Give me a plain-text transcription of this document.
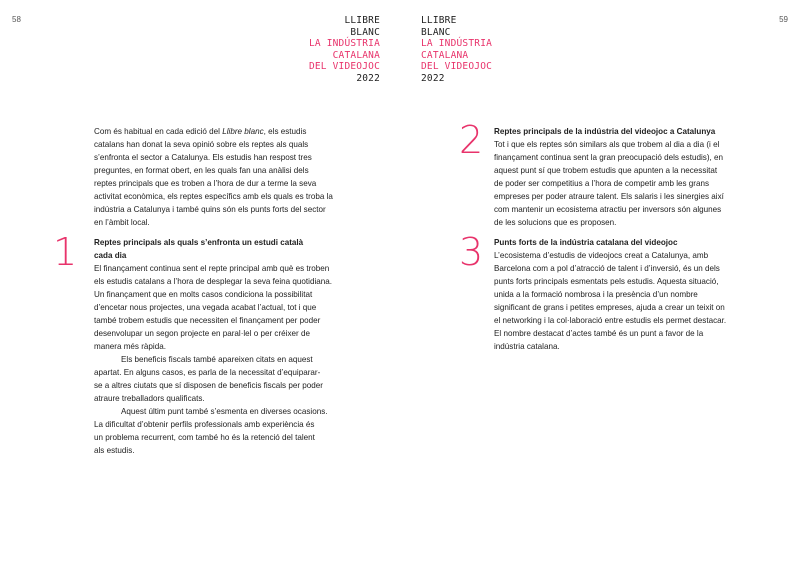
58	59
LLIBRE
BLANC
LA INDÚSTRIA
CATALANA
DEL VIDEOJOC
2022
LLIBRE
BLANC
LA INDÚSTRIA
CATALANA
DEL VIDEOJOC
2022

Com és habitual en cada edició del Llibre blanc, els estudis

catalans han donat la seva opinió sobre els reptes als quals

s’enfronta el sector a Catalunya. Els estudis han respost tres

preguntes, en format obert, en les quals fan una anàlisi dels

reptes principals que es troben a l’hora de dur a terme la seva

activitat econòmica, els reptes específics amb els quals es troba la

indústria a Catalunya i també quins són els punts forts del sector

en l’àmbit local.

1 Reptes principals als quals s’enfronta un estudi català
cada dia

El finançament continua sent el repte principal amb què es troben

els estudis catalans a l’hora de desplegar la seva feina quotidiana.

Un finançament que en molts casos condiciona la possibilitat

d’encetar nous projectes, una vegada acabat l’actual, tot i que

també trobem estudis que necessiten el finançament per poder

desenvolupar un segon projecte en paral·lel o per créixer de

manera més ràpida.

Els beneficis fiscals també apareixen citats en aquest

apartat. En alguns casos, es parla de la necessitat d’equiparar-

se a altres ciutats que sí disposen de beneficis fiscals per poder

atraure treballadors qualificats.

Aquest últim punt també s’esmenta en diverses ocasions.

La dificultat d’obtenir perfils professionals amb experiència és

un problema recurrent, com també ho és la retenció del talent

als estudis.

2 Reptes principals de la indústria del videojoc a Catalunya

Tot i que els reptes són similars als que trobem al dia a dia (i el

finançament continua sent la gran preocupació dels estudis), en

aquest punt sí que trobem estudis que apunten a la necessitat

de poder ser competitius a l’hora de competir amb les grans

empreses per poder atraure talent. Els salaris i les sinergies així

com mantenir un ecosistema atractiu per inversors són algunes

de les solucions que es proposen.

3 Punts forts de la indústria catalana del videojoc

L’ecosistema d’estudis de videojocs creat a Catalunya, amb

Barcelona com a pol d’atracció de talent i d’inversió, és un dels

punts forts principals esmentats pels estudis. Aquesta situació,

unida a la formació nombrosa i la presència d’un nombre

significant de grans i petites empreses, ajuda a crear un teixit on

el networking i la col·laboració entre estudis els permet destacar.

El nombre destacat d’actes també és un punt a favor de la

indústria catalana.
